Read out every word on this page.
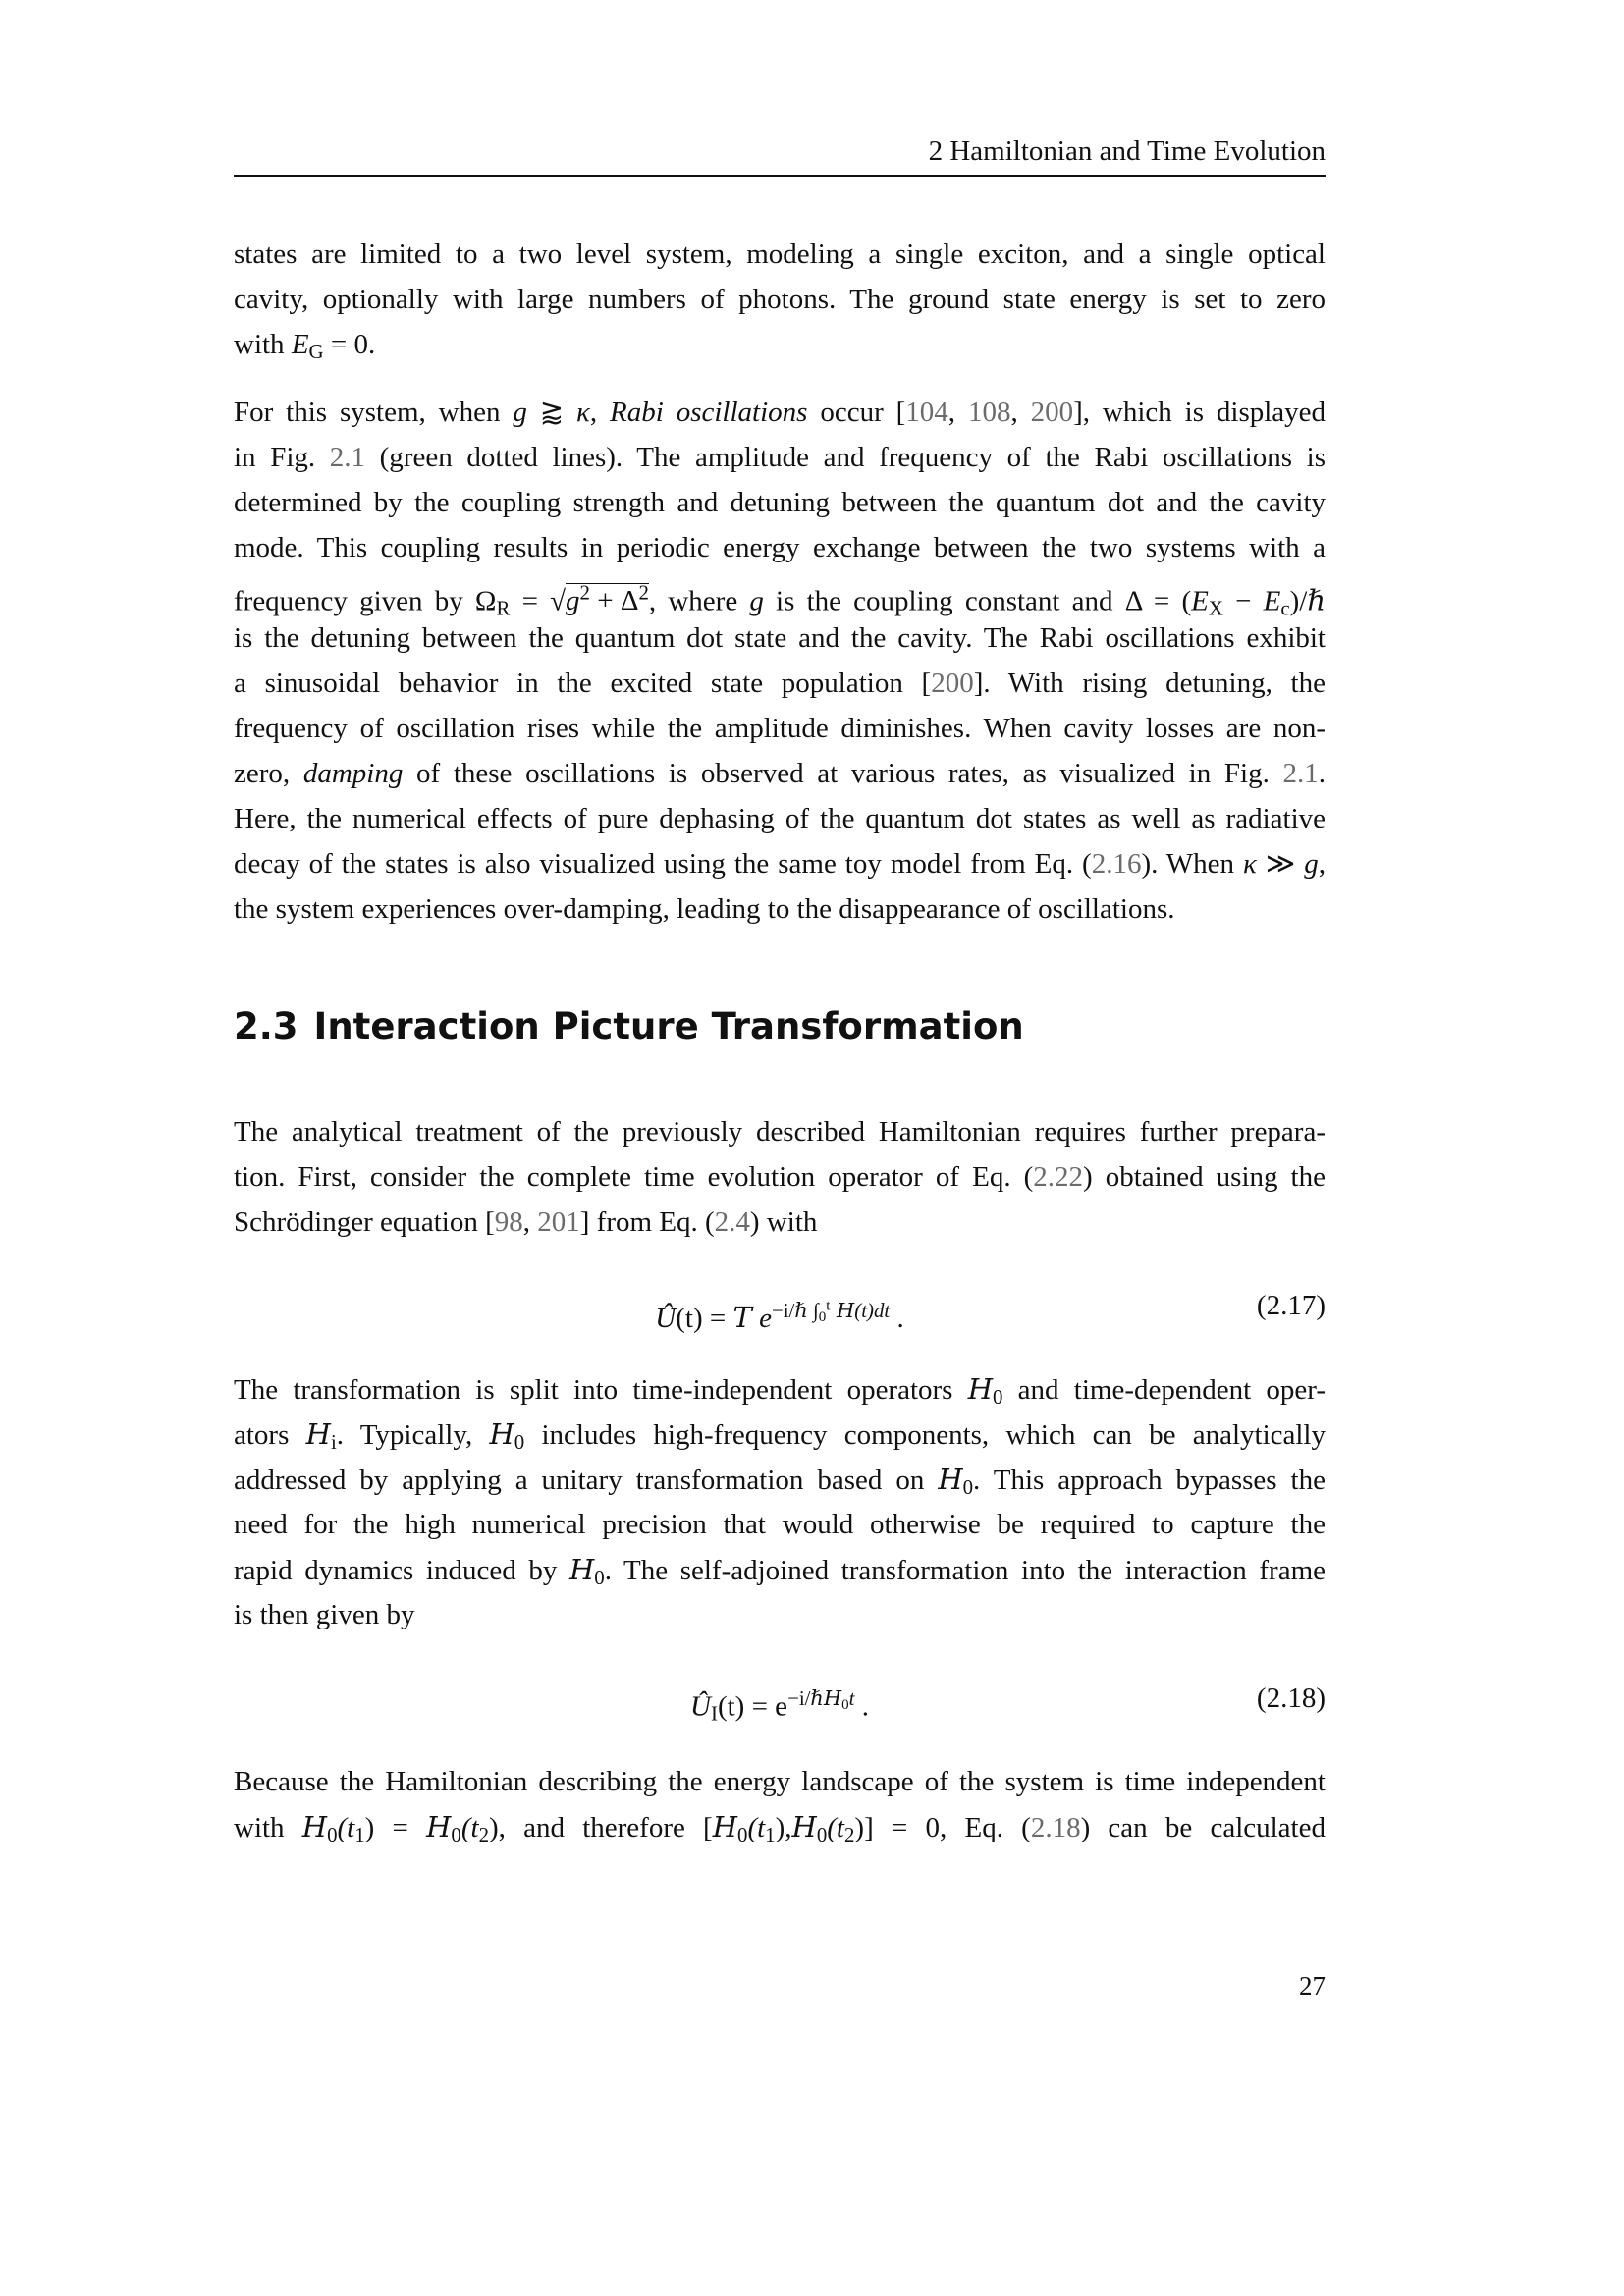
2 Hamiltonian and Time Evolution
states are limited to a two level system, modeling a single exciton, and a single optical
cavity, optionally with large numbers of photons. The ground state energy is set to zero
with $E_G = 0$.
For this system, when g ⪆ κ, Rabi oscillations occur [104, 108, 200], which is displayed
in Fig. 2.1 (green dotted lines). The amplitude and frequency of the Rabi oscillations is
determined by the coupling strength and detuning between the quantum dot and the cavity
mode. This coupling results in periodic energy exchange between the two systems with a
frequency given by $\Omega_R = √g^2 + \Delta^2$, where g is the coupling constant and $\Delta = (E_X$ − $E_c)/\hbar$
is the detuning between the quantum dot state and the cavity. The Rabi oscillations exhibit
a sinusoidal behavior in the excited state population [200]. With rising detuning, the
frequency of oscillation rises while the amplitude diminishes. When cavity losses are non-
zero, damping of these oscillations is observed at various rates, as visualized in Fig. 2.1.
Here, the numerical effects of pure dephasing of the quantum dot states as well as radiative
decay of the states is also visualized using the same toy model from Eq. (2.16). When κ ≫ g,
the system experiences over-damping, leading to the disappearance of oscillations.
2.3 Interaction Picture Transformation
The analytical treatment of the previously described Hamiltonian requires further prepara-
tion. First, consider the complete time evolution operator of Eq. (2.22) obtained using the
Schrödinger equation [98, 201] from Eq. (2.4) with
Û(t) = T $e^{-i/\hbar \int_0^t H(t)dt}$ .	(2.17)
The transformation is split into time-independent operators $H_0$ and time-dependent oper-
ators $H_i$. Typically, $H_0$ includes high-frequency components, which can be analytically
addressed by applying a unitary transformation based on $H_0$. This approach bypasses the
need for the high numerical precision that would otherwise be required to capture the
rapid dynamics induced by $H_0$. The self-adjoined transformation into the interaction frame
is then given by
$Û_I(t) = e^{-i/\hbar H_0t}$ .	(2.18)
Because the Hamiltonian describing the energy landscape of the system is time independent
with $H_0(t_1) = H_0(t_2)$, and therefore $[H_0(t_1),H_0(t_2)] = 0$, Eq. (2.18) can be calculated
27
